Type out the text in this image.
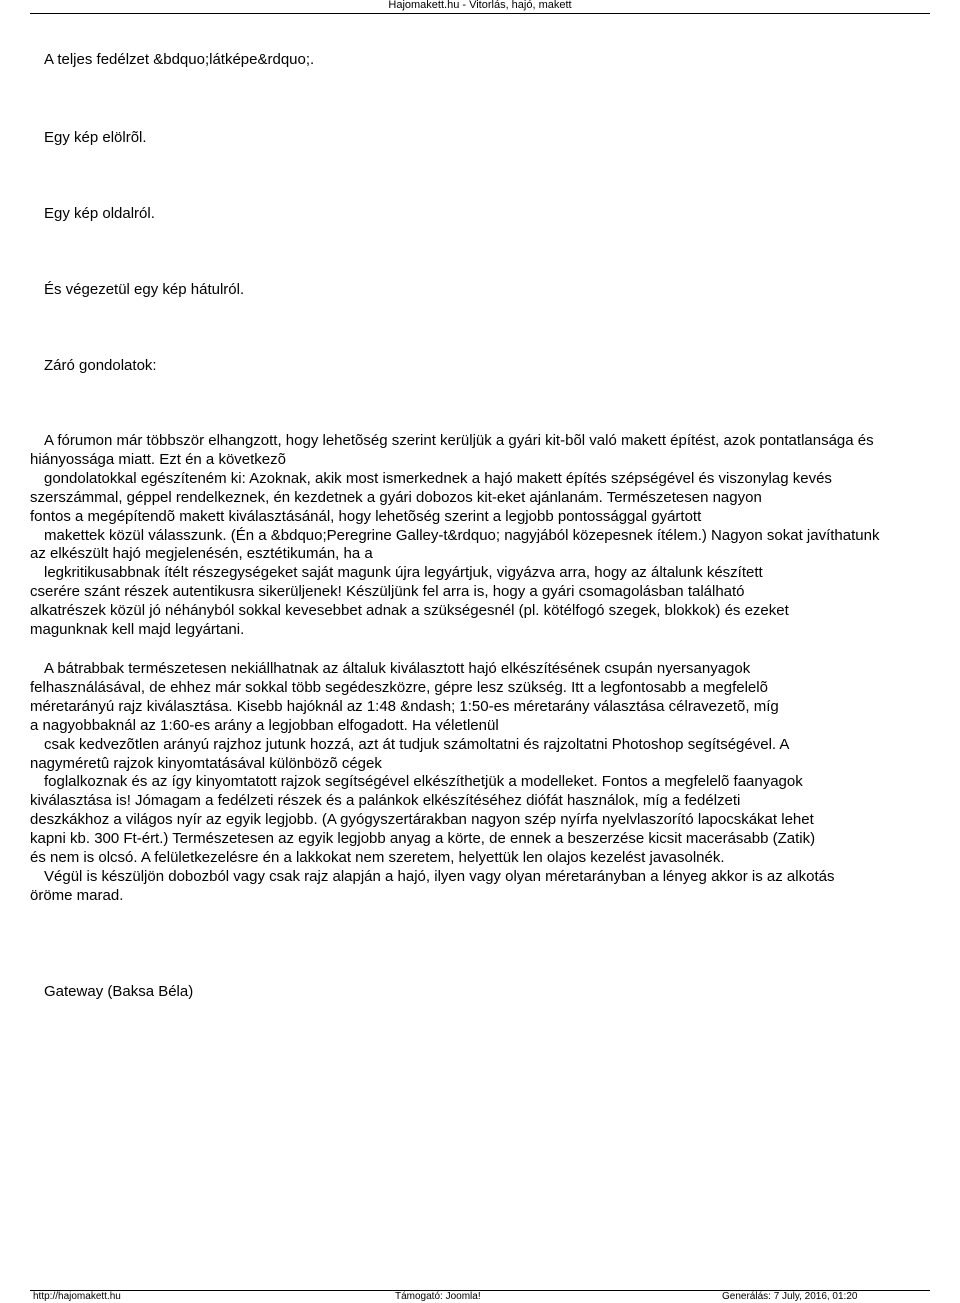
Hajomakett.hu - Vitorlás, hajó, makett

A teljes fedélzet &bdquo;látképe&rdquo;.

Egy kép elölrõl.

Egy kép oldalról.

És végezetül egy kép hátulról.

Záró gondolatok:

A fórumon már többször elhangzott, hogy lehetõség szerint kerüljük a gyári kit-bõl való makett építést, azok pontatlansága és
hiányossága miatt. Ezt én a következõ
gondolatokkal egészíteném ki: Azoknak, akik most ismerkednek a hajó makett építés szépségével és viszonylag kevés
szerszámmal, géppel rendelkeznek, én kezdetnek a gyári dobozos kit-eket ajánlanám. Természetesen nagyon
fontos a megépítendõ makett kiválasztásánál, hogy lehetõség szerint a legjobb pontossággal gyártott
makettek közül válasszunk. (Én a &bdquo;Peregrine Galley-t&rdquo; nagyjából közepesnek ítélem.) Nagyon sokat javíthatunk
az elkészült hajó megjelenésén, esztétikumán, ha a
legkritikusabbnak ítélt részegységeket saját magunk újra legyártjuk, vigyázva arra, hogy az általunk készített
cserére szánt részek autentikusra sikerüljenek! Készüljünk fel arra is, hogy a gyári csomagolásban található
alkatrészek közül jó néhányból sokkal kevesebbet adnak a szükségesnél (pl. kötélfogó szegek, blokkok) és ezeket
magunknak kell majd legyártani.
A bátrabbak természetesen nekiállhatnak az általuk kiválasztott hajó elkészítésének csupán nyersanyagok
felhasználásával, de ehhez már sokkal több segédeszközre, gépre lesz szükség. Itt a legfontosabb a megfelelõ
méretarányú rajz kiválasztása. Kisebb hajóknál az 1:48 &ndash; 1:50-es méretarány választása célravezetõ, míg
a nagyobbaknál az 1:60-es arány a legjobban elfogadott. Ha véletlenül
csak kedvezõtlen arányú rajzhoz jutunk hozzá, azt át tudjuk számoltatni és rajzoltatni Photoshop segítségével. A
nagyméretû rajzok kinyomtatásával különbözõ cégek
foglalkoznak és az így kinyomtatott rajzok segítségével elkészíthetjük a modelleket. Fontos a megfelelõ faanyagok
kiválasztása is! Jómagam a fedélzeti részek és a palánkok elkészítéséhez diófát használok, míg a fedélzeti
deszkákhoz a világos nyír az egyik legjobb. (A gyógyszertárakban nagyon szép nyírfa nyelvlaszorító lapocskákat lehet
kapni kb. 300 Ft-ért.) Természetesen az egyik legjobb anyag a körte, de ennek a beszerzése kicsit macerásabb (Zatik)
és nem is olcsó. A felületkezelésre én a lakkokat nem szeretem, helyettük len olajos kezelést javasolnék.
Végül is készüljön dobozból vagy csak rajz alapján a hajó, ilyen vagy olyan méretarányban a lényeg akkor is az alkotás
öröme marad.

Gateway (Baksa Béla)

http://hajomakett.hu	Támogató: Joomla!	Generálás: 7 July, 2016, 01:20
